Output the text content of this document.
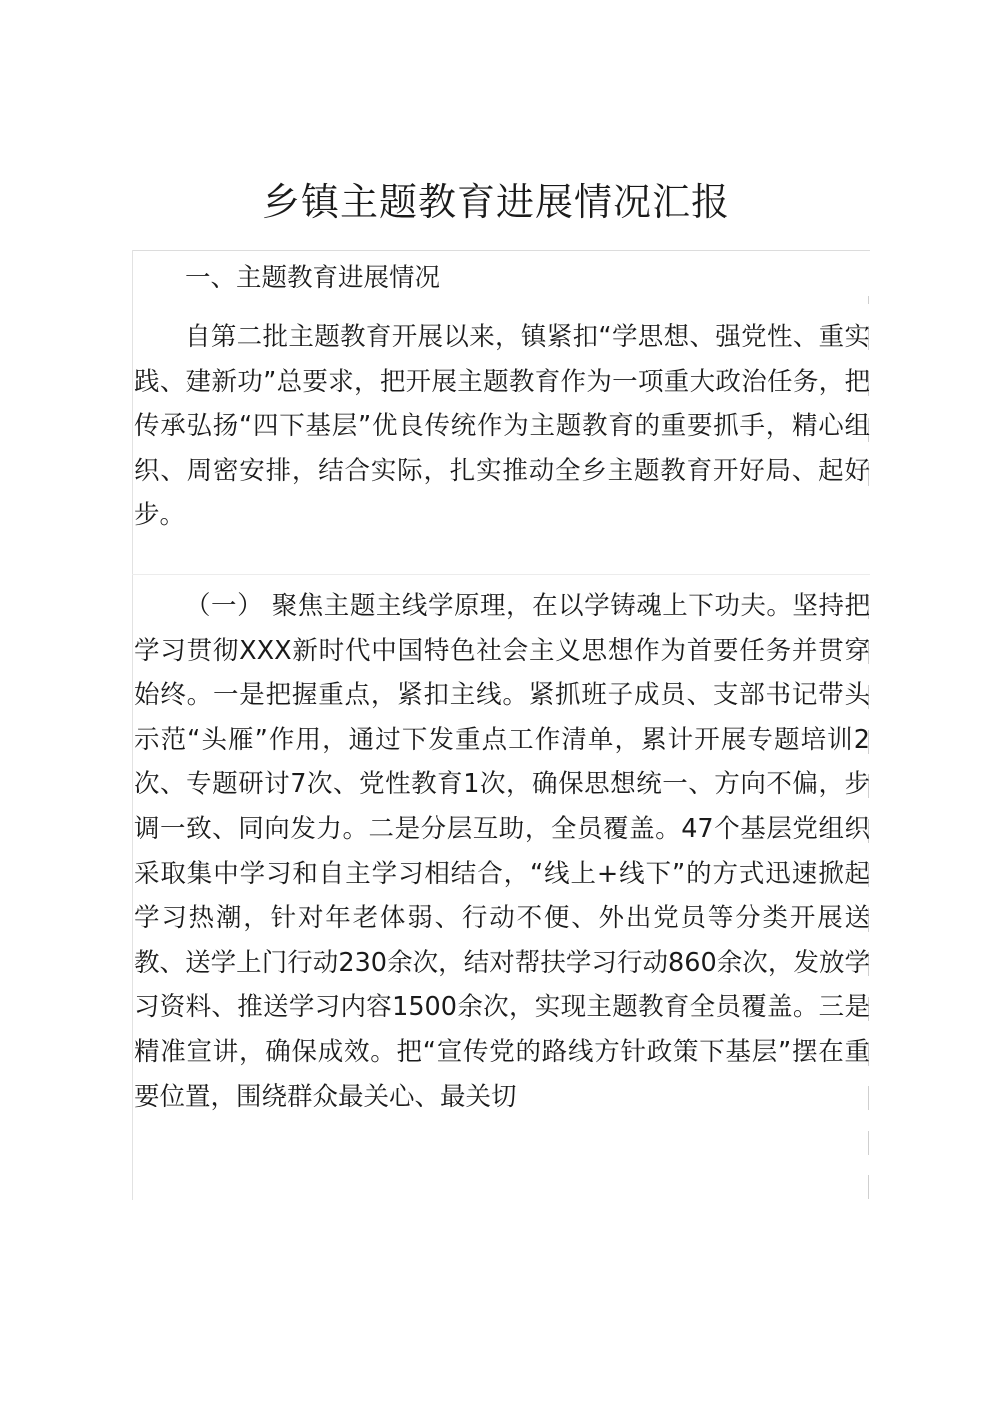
乡镇主题教育进展情况汇报
一、主题教育进展情况
自第二批主题教育开展以来，镇紧扣“学思想、强党性、重实践、建新功”总要求，把开展主题教育作为一项重大政治任务，把传承弘扬“四下基层”优良传统作为主题教育的重要抓手，精心组织、周密安排，结合实际，扎实推动全乡主题教育开好局、起好步。
（一） 聚焦主题主线学原理，在以学铸魂上下功夫。坚持把学习贯彻XXX新时代中国特色社会主义思想作为首要任务并贯穿始终。一是把握重点，紧扣主线。紧抓班子成员、支部书记带头示范“头雁”作用，通过下发重点工作清单，累计开展专题培训2次、专题研讨7次、党性教育1次，确保思想统一、方向不偏，步调一致、同向发力。二是分层互助，全员覆盖。47个基层党组织采取集中学习和自主学习相结合，“线上+线下”的方式迅速掀起学习热潮，针对年老体弱、行动不便、外出党员等分类开展送教、送学上门行动230余次，结对帮扶学习行动860余次，发放学习资料、推送学习内容1500余次，实现主题教育全员覆盖。三是精准宣讲，确保成效。把“宣传党的路线方针政策下基层”摆在重要位置，围绕群众最关心、最关切
